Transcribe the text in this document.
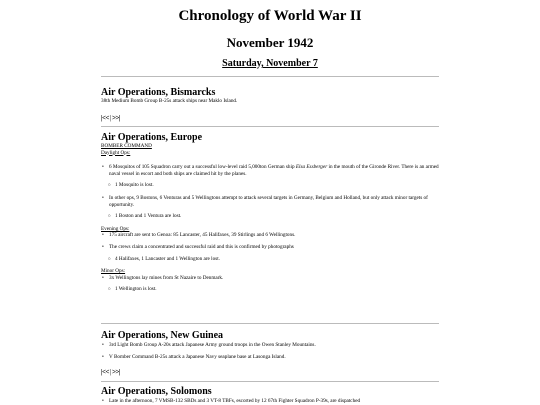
Chronology of World War II
November 1942
Saturday, November 7
Air Operations, Bismarcks

38th Medium Bomb Group B-25s attack ships near Maklo Island.

|<<|>>|
Air Operations, Europe

BOMBER COMMAND

Daylight Ops:

• 6 Mosquitos of 105 Squadron carry out a successful low-level raid 5,000ton German ship Elsa Essberger in the mouth of the Gironde River. There is an armed naval vessel in escort and both ships are claimed hit by the planes.
○ 1 Mosquito is lost.
• In other ops, 9 Bostons, 6 Venturas and 5 Wellingtons attempt to attack several targets in Germany, Belgium and Holland, but only attack minor targets of opportunity.
○ 1 Boston and 1 Ventura are lost.

Evening Ops:

• 175 aircraft are sent to Genoa: 85 Lancaster, 45 Halifaxes, 39 Stirlings and 6 Wellingtons.
• The crews claim a concentrated and successful raid and this is confirmed by photographs
○ 4 Halifaxes, 1 Lancaster and 1 Wellington are lost.

Minor Ops:

• 3x Wellingtons lay mines from St Nazaire to Denmark.
○ 1 Wellington is lost.
Air Operations, New Guinea
• 3rd Light Bomb Group A-20s attack Japanese Army ground troops in the Owen Stanley Mountains.
• V Bomber Command B-25s attack a Japanese Navy seaplane base at Lasonga Island.
|<<|>>|
Air Operations, Solomons
• Late in the afternoon, 7 VMSB-132 SBDs and 3 VT-8 TBFs, escorted by 12 67th Fighter Squadron P-39s, are dispatched
